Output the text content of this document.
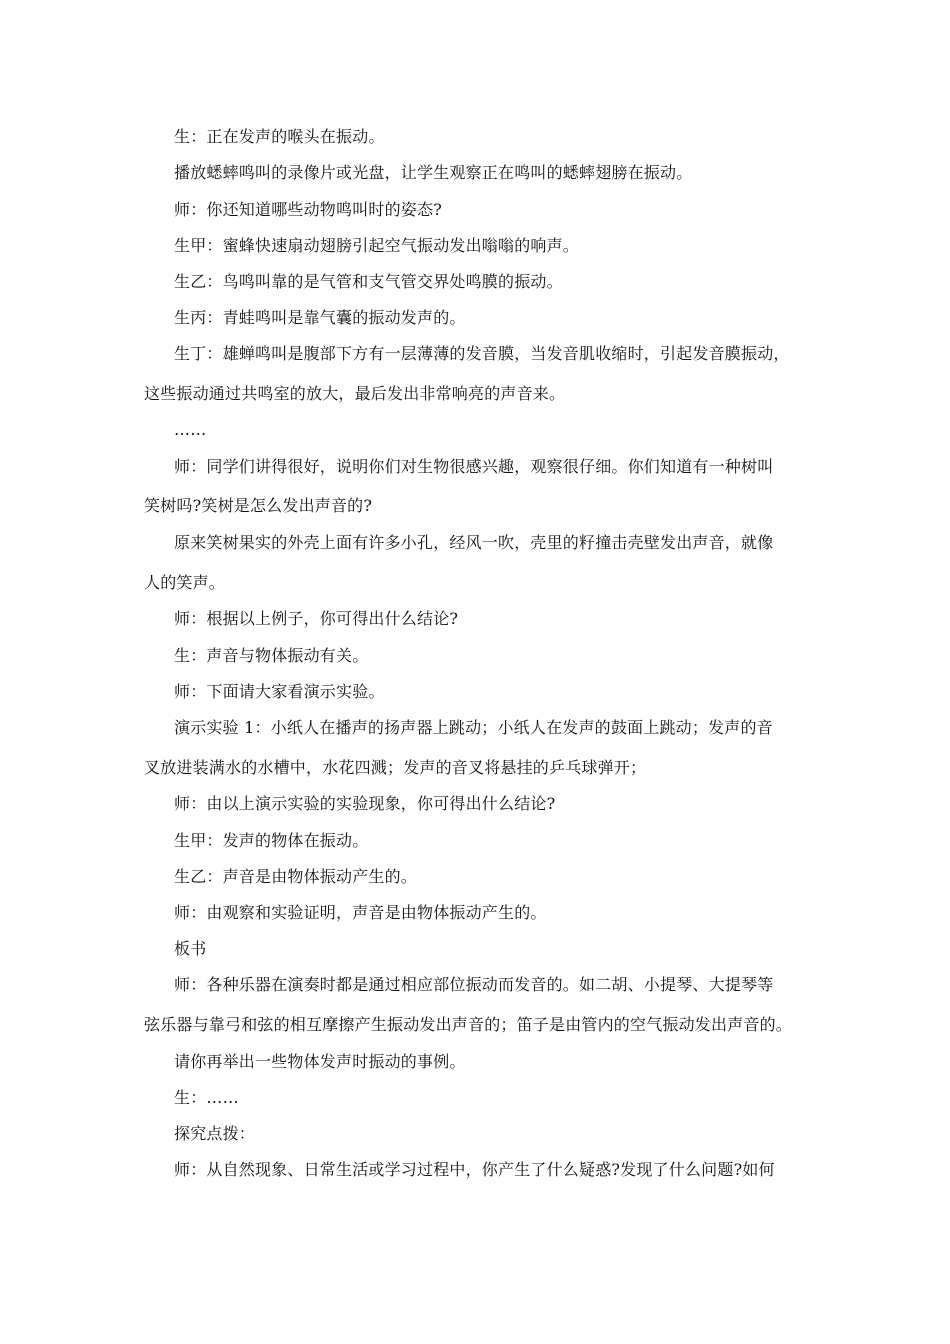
生：正在发声的喉头在振动。
播放蟋蟀鸣叫的录像片或光盘，让学生观察正在鸣叫的蟋蟀翅膀在振动。
师：你还知道哪些动物鸣叫时的姿态?
生甲：蜜蜂快速扇动翅膀引起空气振动发出嗡嗡的响声。
生乙：鸟鸣叫靠的是气管和支气管交界处鸣膜的振动。
生丙：青蛙鸣叫是靠气囊的振动发声的。
生丁：雄蝉鸣叫是腹部下方有一层薄薄的发音膜，当发音肌收缩时，引起发音膜振动，
这些振动通过共鸣室的放大，最后发出非常响亮的声音来。
……
师：同学们讲得很好，说明你们对生物很感兴趣，观察很仔细。你们知道有一种树叫
笑树吗?笑树是怎么发出声音的?
原来笑树果实的外壳上面有许多小孔，经风一吹，壳里的籽撞击壳壁发出声音，就像
人的笑声。
师：根据以上例子，你可得出什么结论?
生：声音与物体振动有关。
师：下面请大家看演示实验。
演示实验 1：小纸人在播声的扬声器上跳动；小纸人在发声的鼓面上跳动；发声的音
叉放进装满水的水槽中，水花四溅；发声的音叉将悬挂的乒乓球弹开；
师：由以上演示实验的实验现象，你可得出什么结论?
生甲：发声的物体在振动。
生乙：声音是由物体振动产生的。
师：由观察和实验证明，声音是由物体振动产生的。
板书
师：各种乐器在演奏时都是通过相应部位振动而发音的。如二胡、小提琴、大提琴等
弦乐器与靠弓和弦的相互摩擦产生振动发出声音的；笛子是由管内的空气振动发出声音的。
请你再举出一些物体发声时振动的事例。
生：……
探究点拨：
师：从自然现象、日常生活或学习过程中，你产生了什么疑惑?发现了什么问题?如何
